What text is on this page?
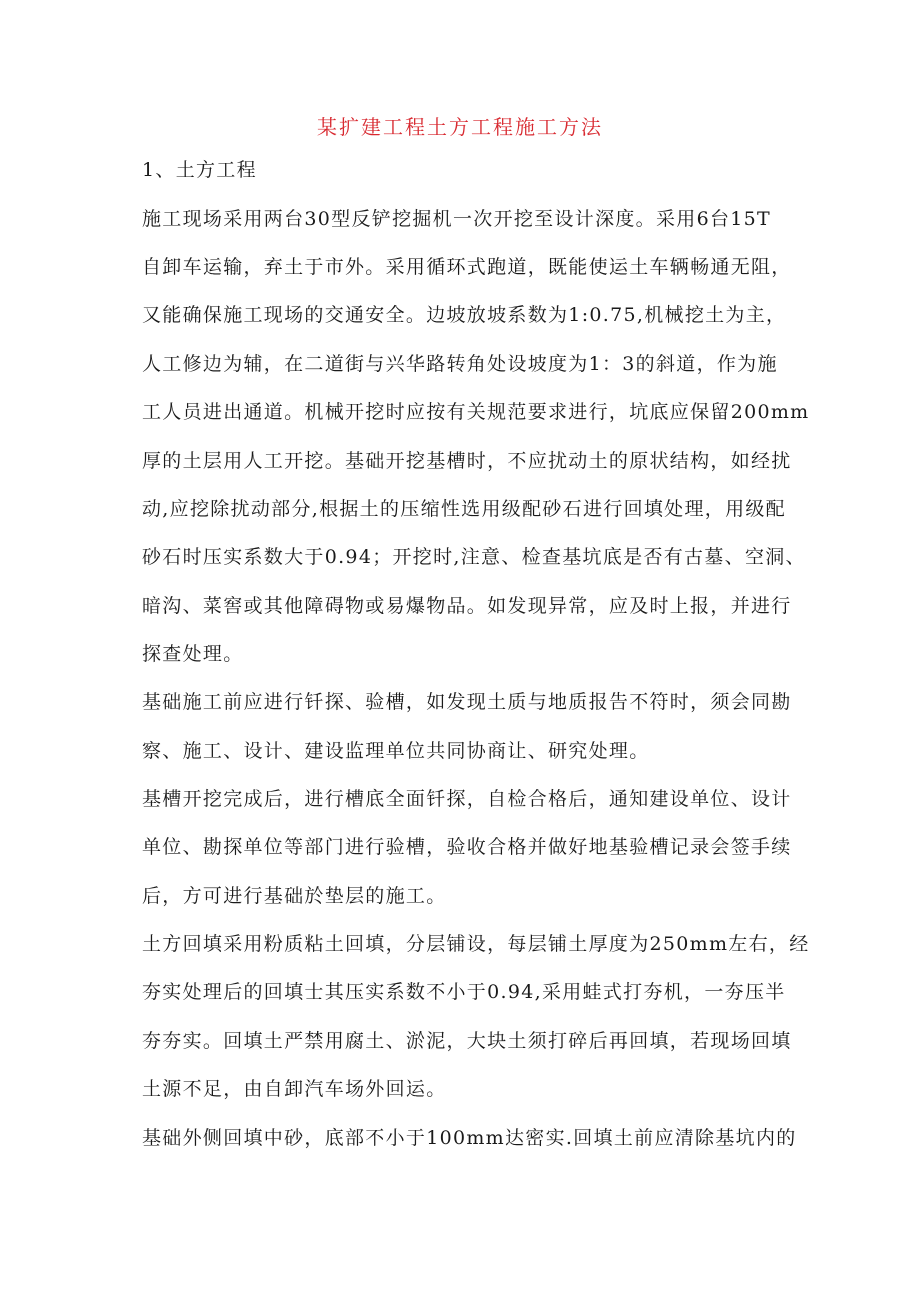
某扩建工程土方工程施工方法

1、土方工程

施工现场采用两台30型反铲挖掘机一次开挖至设计深度。采用6台15T

自卸车运输，弃土于市外。采用循环式跑道，既能使运土车辆畅通无阻，

又能确保施工现场的交通安全。边坡放坡系数为1:0.75,机械挖土为主，

人工修边为辅，在二道街与兴华路转角处设坡度为1：3的斜道，作为施

工人员进出通道。机械开挖时应按有关规范要求进行，坑底应保留200mm

厚的土层用人工开挖。基础开挖基槽时，不应扰动土的原状结构，如经扰

动,应挖除扰动部分,根据土的压缩性选用级配砂石进行回填处理，用级配

砂石时压实系数大于0.94；开挖时,注意、检查基坑底是否有古墓、空洞、

暗沟、菜窖或其他障碍物或易爆物品。如发现异常，应及时上报，并进行

探查处理。

基础施工前应进行钎探、验槽，如发现土质与地质报告不符时，须会同勘

察、施工、设计、建设监理单位共同协商让、研究处理。

基槽开挖完成后，进行槽底全面钎探，自检合格后，通知建设单位、设计

单位、勘探单位等部门进行验槽，验收合格并做好地基验槽记录会签手续

后，方可进行基础於垫层的施工。

土方回填采用粉质粘土回填，分层铺设，每层铺土厚度为250mm左右，经

夯实处理后的回填士其压实系数不小于0.94,采用蛙式打夯机，一夯压半

夯夯实。回填土严禁用腐土、淤泥，大块土须打碎后再回填，若现场回填

土源不足，由自卸汽车场外回运。

基础外侧回填中砂，底部不小于100mm达密实.回填土前应清除基坑内的
